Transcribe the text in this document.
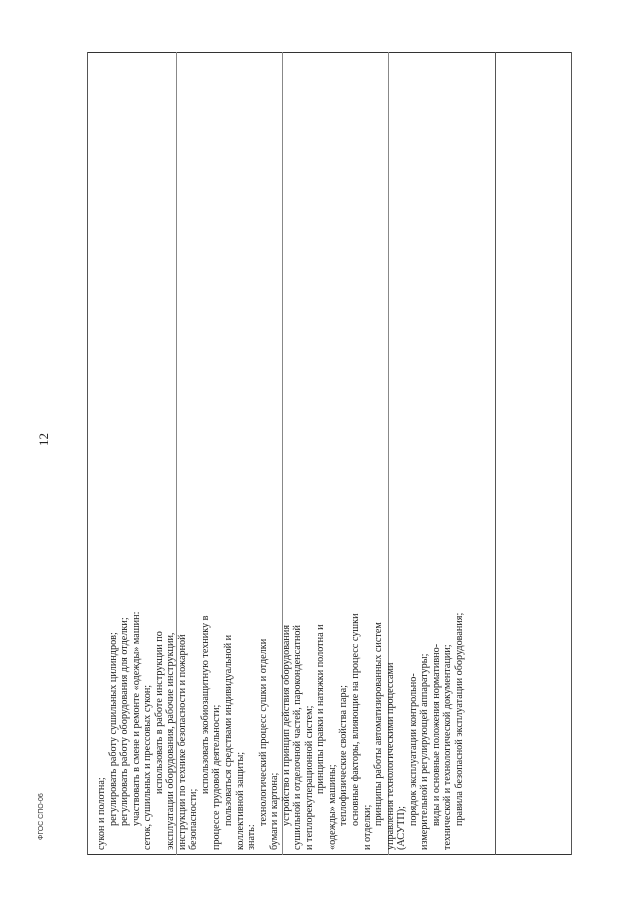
12
сукон и полотна; регулировать работу сушильных цилиндров; регулировать работу оборудования для отделки; участвовать в смене и ремонте «одежды» машин: сеток, сушильных и прессовых сукон; использовать в работе инструкции по эксплуатации оборудования, рабочие инструкции, инструкции по технике безопасности и пожарной безопасности;
использовать экобиозащитную технику в процессе трудовой деятельности; пользоваться средствами индивидуальной и коллективной защиты; знать:
технологический процесс сушки и отделки бумаги и картона; устройство и принцип действия оборудования сушильной и отделочной частей, пароконденсатной и теплорекуперационной систем; принципы правки и натяжки полотна и
«одежды» машины; теплофизические свойства пара; основные факторы, влияющие на процесс сушки
и отделки;
принципы работы автоматизированных систем управления технологическими процессами (АСУТП);
порядок эксплуатации контрольно- измерительной и регулирующей аппаратуры; виды и основные положения нормативно- технической и технологической документации; правила безопасной эксплуатации оборудования;
ФГОС СПО-06
